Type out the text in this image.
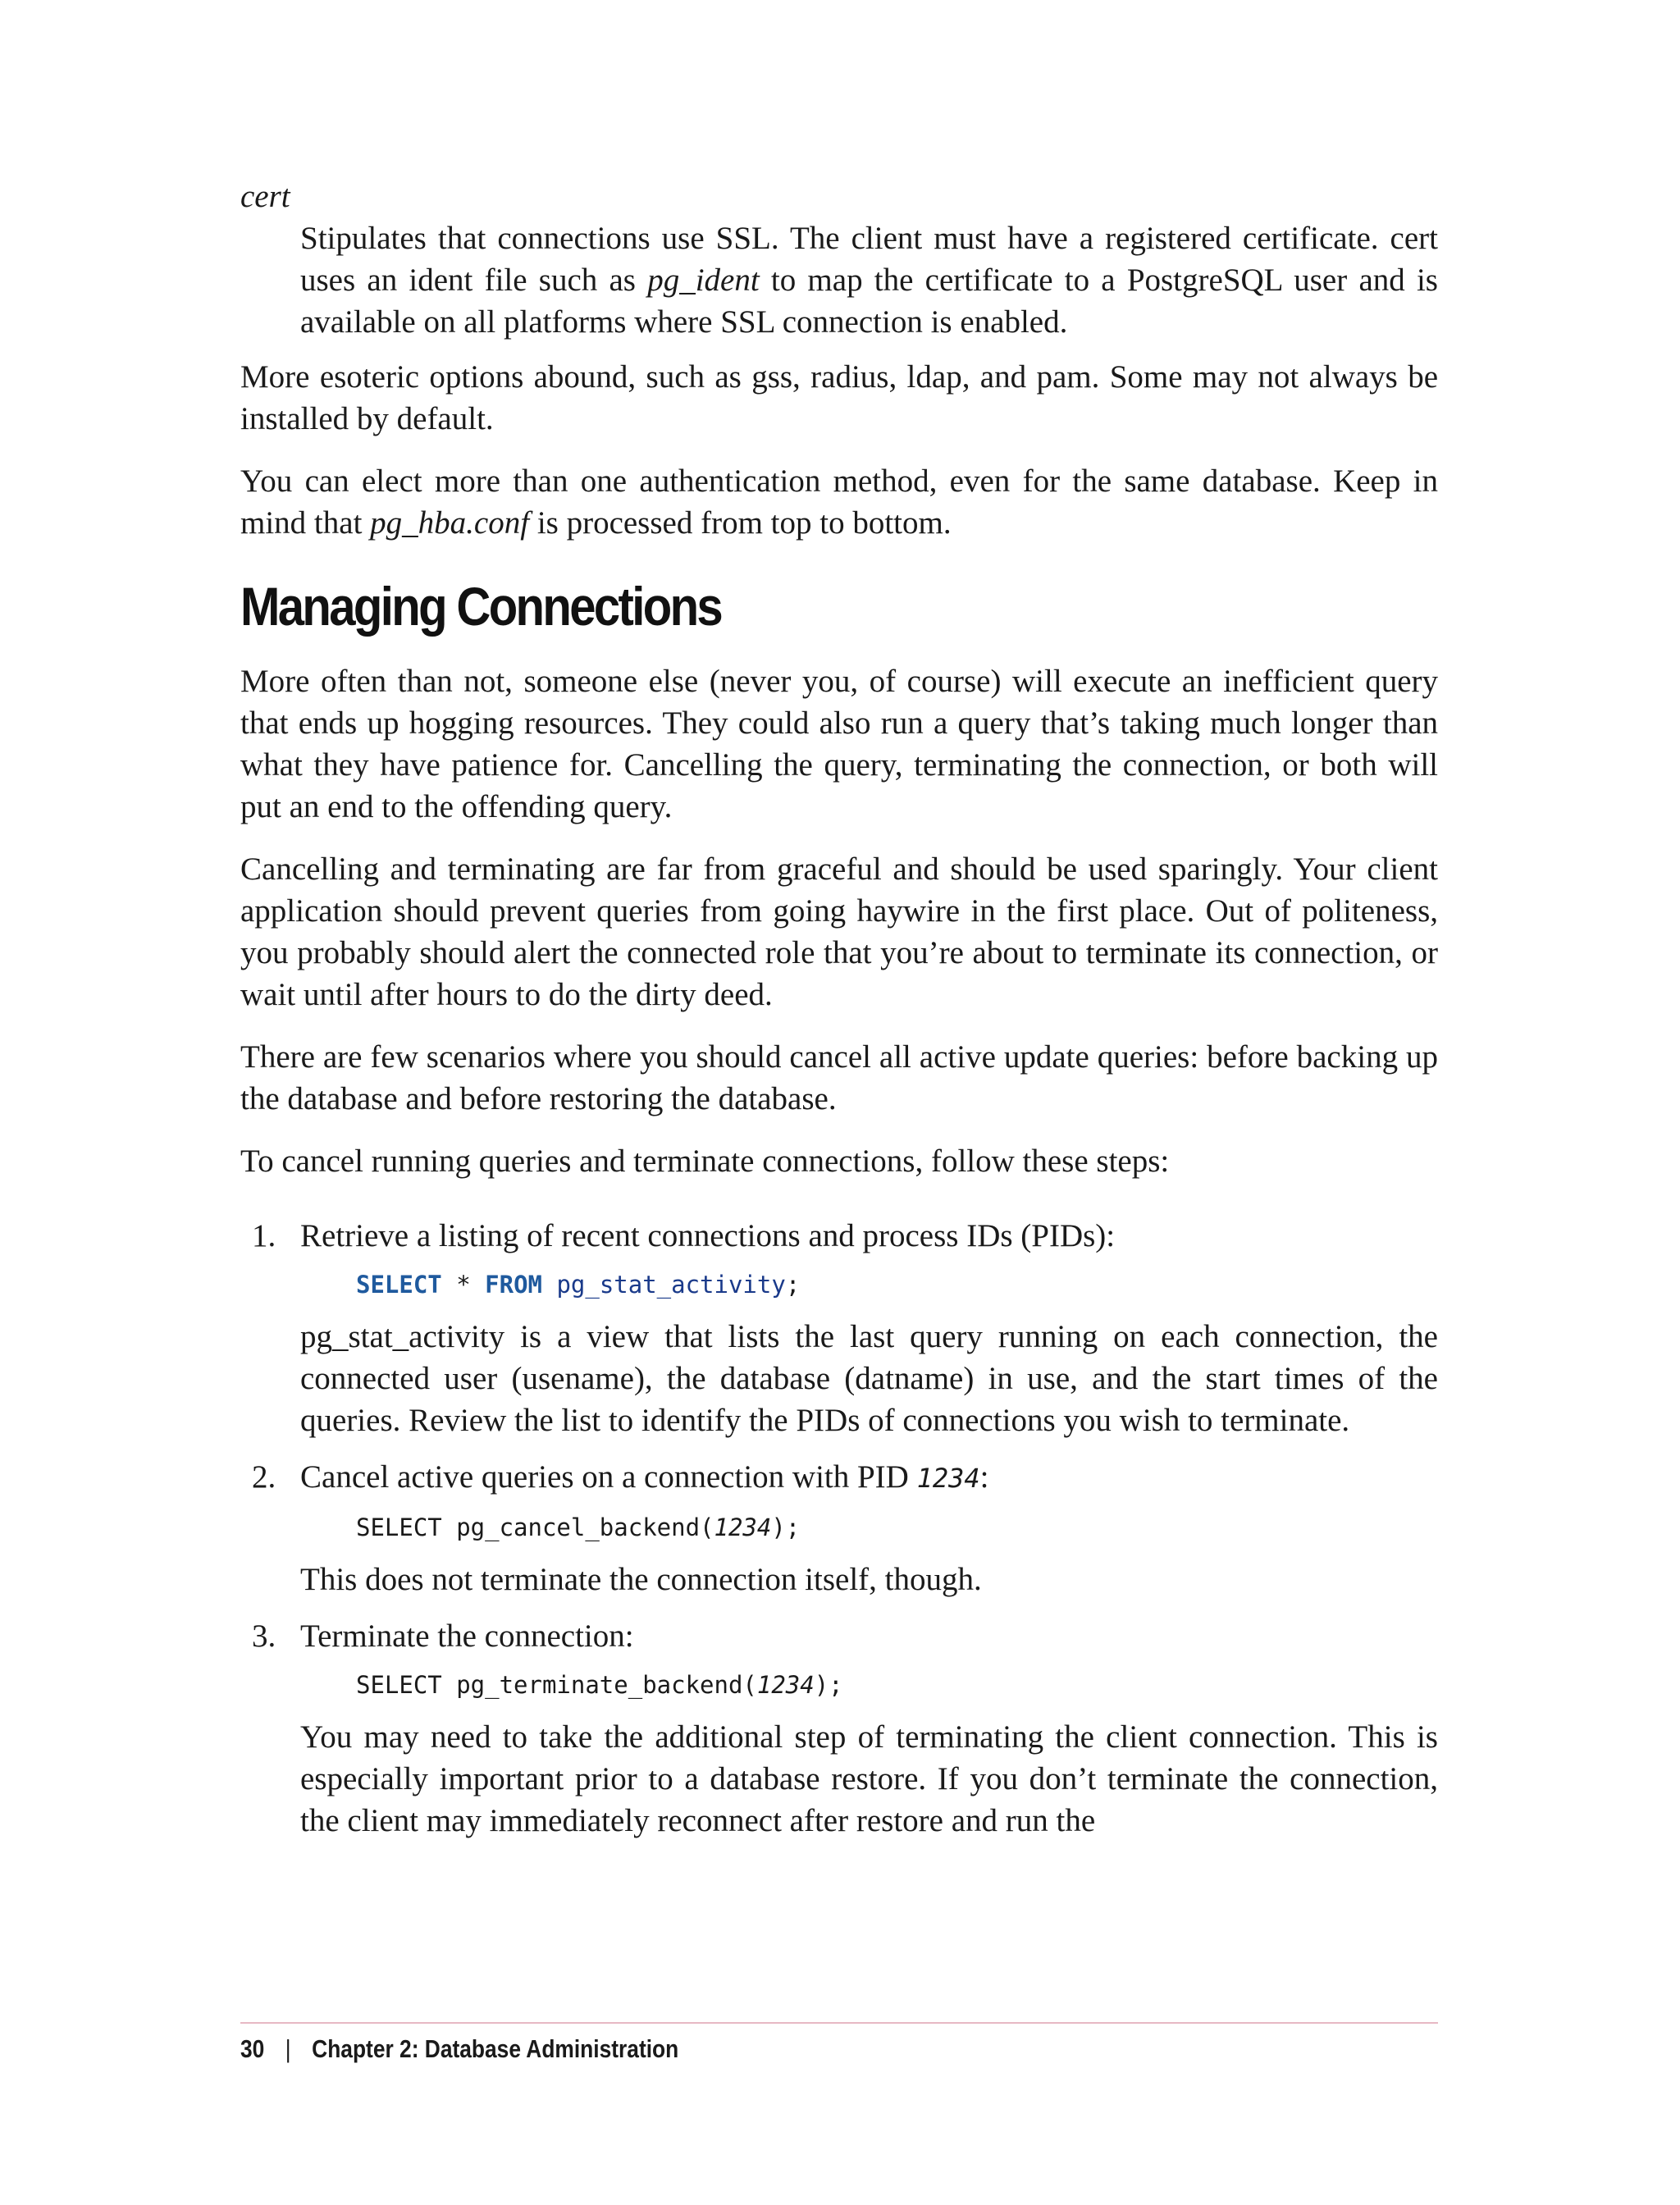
cert

Stipulates that connections use SSL. The client must have a registered certificate. cert uses an ident file such as pg_ident to map the certificate to a PostgreSQL user and is available on all platforms where SSL connection is enabled.

More esoteric options abound, such as gss, radius, ldap, and pam. Some may not always be installed by default.

You can elect more than one authentication method, even for the same database. Keep in mind that pg_hba.conf is processed from top to bottom.

Managing Connections

More often than not, someone else (never you, of course) will execute an inefficient query that ends up hogging resources. They could also run a query that’s taking much longer than what they have patience for. Cancelling the query, terminating the connection, or both will put an end to the offending query.

Cancelling and terminating are far from graceful and should be used sparingly. Your client application should prevent queries from going haywire in the first place. Out of politeness, you probably should alert the connected role that you’re about to terminate its connection, or wait until after hours to do the dirty deed.

There are few scenarios where you should cancel all active update queries: before backing up the database and before restoring the database.

To cancel running queries and terminate connections, follow these steps:

1. Retrieve a listing of recent connections and process IDs (PIDs):

SELECT * FROM pg_stat_activity;

pg_stat_activity is a view that lists the last query running on each connection, the connected user (usename), the database (datname) in use, and the start times of the queries. Review the list to identify the PIDs of connections you wish to terminate.

2. Cancel active queries on a connection with PID 1234:

SELECT pg_cancel_backend(1234);

This does not terminate the connection itself, though.

3. Terminate the connection:

SELECT pg_terminate_backend(1234);

You may need to take the additional step of terminating the client connection. This is especially important prior to a database restore. If you don’t terminate the connection, the client may immediately reconnect after restore and run the

30 | Chapter 2: Database Administration
